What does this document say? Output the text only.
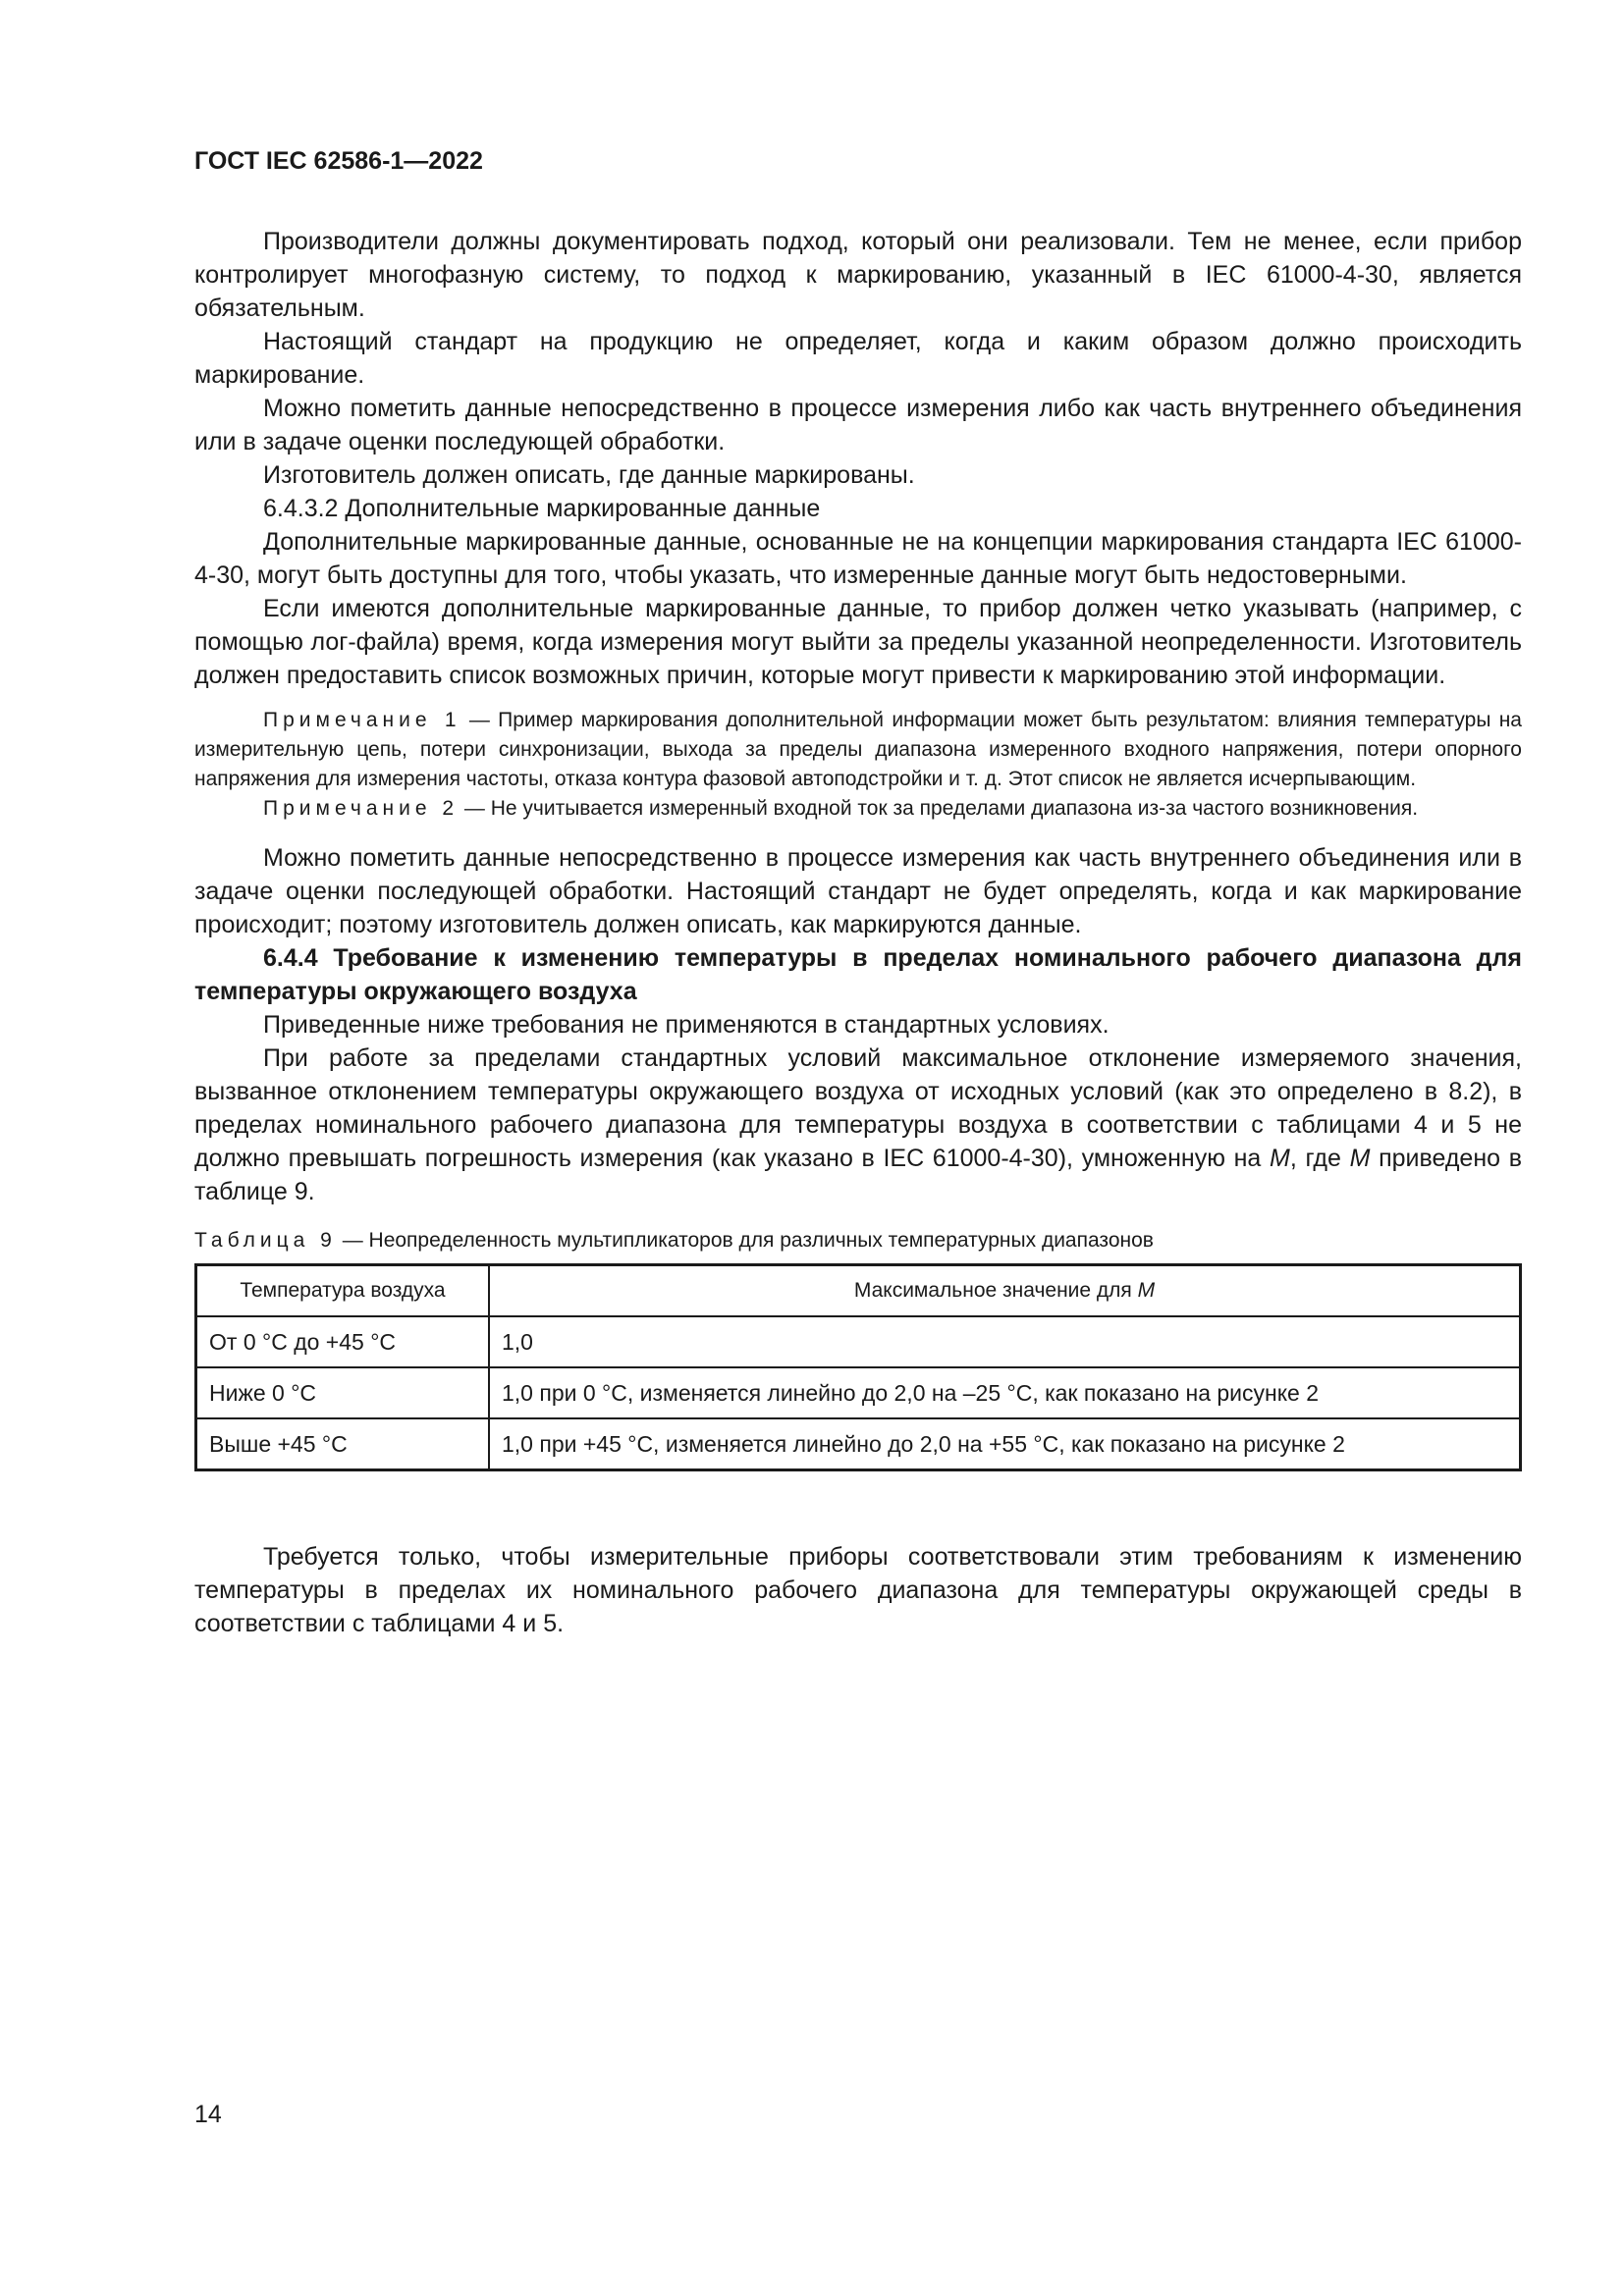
ГОСТ IEC 62586-1—2022

Производители должны документировать подход, который они реализовали. Тем не менее, если прибор контролирует многофазную систему, то подход к маркированию, указанный в IEC 61000-4-30, является обязательным.

Настоящий стандарт на продукцию не определяет, когда и каким образом должно происходить маркирование.

Можно пометить данные непосредственно в процессе измерения либо как часть внутреннего объединения или в задаче оценки последующей обработки.

Изготовитель должен описать, где данные маркированы.

6.4.3.2 Дополнительные маркированные данные

Дополнительные маркированные данные, основанные не на концепции маркирования стандарта IEC 61000-4-30, могут быть доступны для того, чтобы указать, что измеренные данные могут быть недостоверными.

Если имеются дополнительные маркированные данные, то прибор должен четко указывать (например, с помощью лог-файла) время, когда измерения могут выйти за пределы указанной неопределенности. Изготовитель должен предоставить список возможных причин, которые могут привести к маркированию этой информации.

Примечание 1 — Пример маркирования дополнительной информации может быть результатом: влияния температуры на измерительную цепь, потери синхронизации, выхода за пределы диапазона измеренного входного напряжения, потери опорного напряжения для измерения частоты, отказа контура фазовой автоподстройки и т. д. Этот список не является исчерпывающим.

Примечание 2 — Не учитывается измеренный входной ток за пределами диапазона из-за частого возникновения.

Можно пометить данные непосредственно в процессе измерения как часть внутреннего объединения или в задаче оценки последующей обработки. Настоящий стандарт не будет определять, когда и как маркирование происходит; поэтому изготовитель должен описать, как маркируются данные.

6.4.4 Требование к изменению температуры в пределах номинального рабочего диапазона для температуры окружающего воздуха

Приведенные ниже требования не применяются в стандартных условиях.

При работе за пределами стандартных условий максимальное отклонение измеряемого значения, вызванное отклонением температуры окружающего воздуха от исходных условий (как это определено в 8.2), в пределах номинального рабочего диапазона для температуры воздуха в соответствии с таблицами 4 и 5 не должно превышать погрешность измерения (как указано в IEC 61000-4-30), умноженную на M, где M приведено в таблице 9.

Таблица 9 — Неопределенность мультипликаторов для различных температурных диапазонов

Температура воздуха	Максимальное значение для M
От 0 °С до +45 °С	1,0
Ниже 0 °С	1,0 при 0 °С, изменяется линейно до 2,0 на –25 °С, как показано на рисунке 2
Выше +45 °С	1,0 при +45 °С, изменяется линейно до 2,0 на +55 °С, как показано на рисунке 2

Требуется только, чтобы измерительные приборы соответствовали этим требованиям к изменению температуры в пределах их номинального рабочего диапазона для температуры окружающей среды в соответствии с таблицами 4 и 5.

14
